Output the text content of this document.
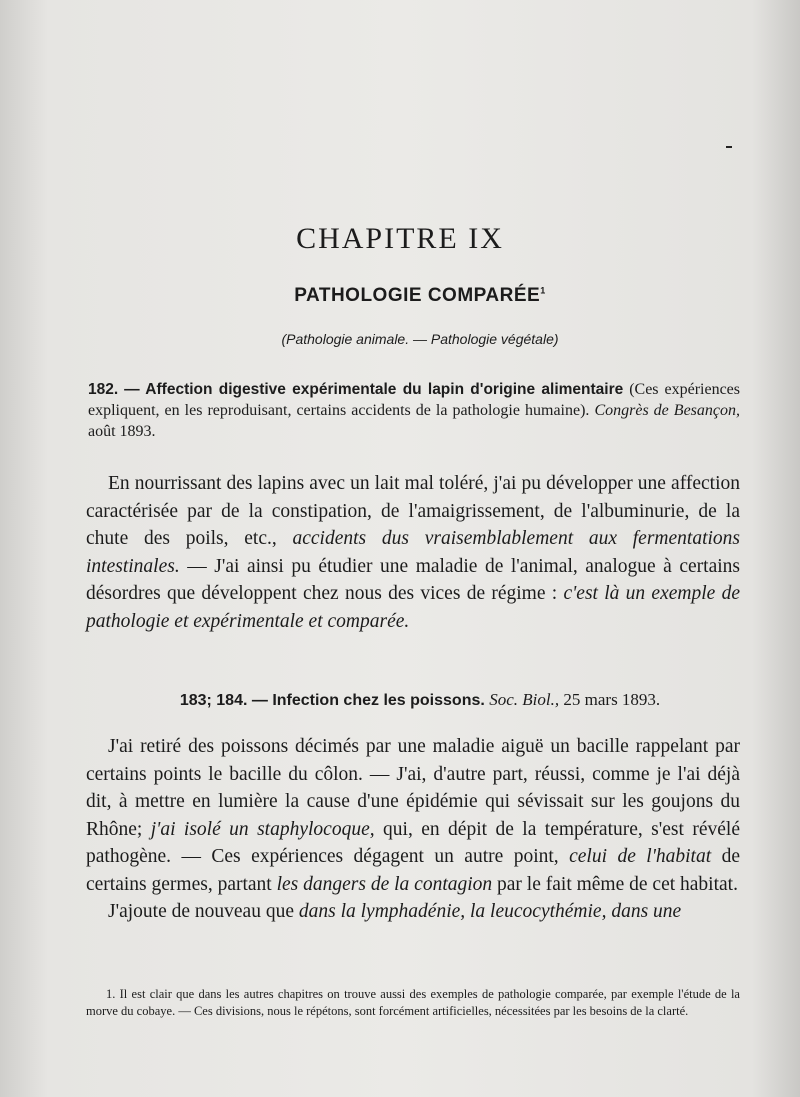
CHAPITRE IX
PATHOLOGIE COMPARÉE$^1$
(Pathologie animale. — Pathologie végétale)
182. — Affection digestive expérimentale du lapin d'origine alimentaire (Ces expériences expliquent, en les reproduisant, certains accidents de la pathologie humaine). Congrès de Besançon, août 1893.

En nourrissant des lapins avec un lait mal toléré, j'ai pu développer une affection caractérisée par de la constipation, de l'amaigrissement, de l'albuminurie, de la chute des poils, etc., accidents dus vraisemblablement aux fermentations intestinales. — J'ai ainsi pu étudier une maladie de l'animal, analogue à certains désordres que développent chez nous des vices de régime : c'est là un exemple de pathologie et expérimentale et comparée.

183; 184. — Infection chez les poissons. Soc. Biol., 25 mars 1893.

J'ai retiré des poissons décimés par une maladie aiguë un bacille rappelant par certains points le bacille du côlon. — J'ai, d'autre part, réussi, comme je l'ai déjà dit, à mettre en lumière la cause d'une épidémie qui sévissait sur les goujons du Rhône; j'ai isolé un staphylocoque, qui, en dépit de la température, s'est révélé pathogène. — Ces expériences dégagent un autre point, celui de l'habitat de certains germes, partant les dangers de la contagion par le fait même de cet habitat.

J'ajoute de nouveau que dans la lymphadénie, la leucocythémie, dans une

1. Il est clair que dans les autres chapitres on trouve aussi des exemples de pathologie comparée, par exemple l'étude de la morve du cobaye. — Ces divisions, nous le répétons, sont forcément artificielles, nécessitées par les besoins de la clarté.
